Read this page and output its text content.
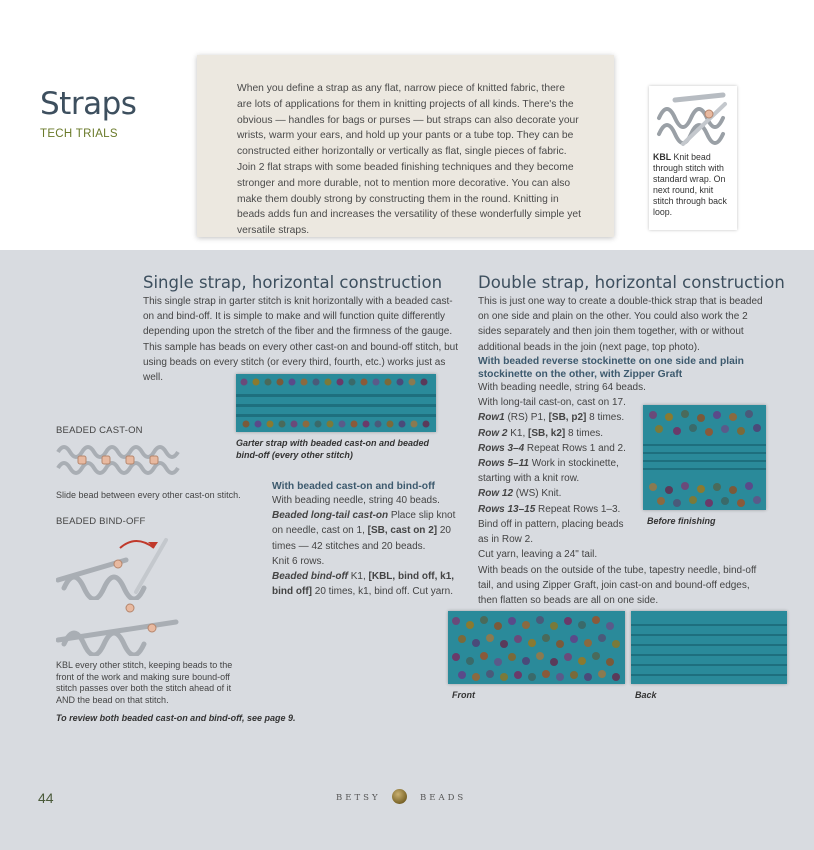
Straps
TECH TRIALS

When you define a strap as any flat, narrow piece of knitted fabric, there are lots of applications for them in knitting projects of all kinds. There's the obvious — handles for bags or purses — but straps can also decorate your wrists, warm your ears, and hold up your pants or a tube top. They can be constructed either horizontally or vertically as flat, single pieces of fabric. Join 2 flat straps with some beaded finishing techniques and they become stronger and more durable, not to mention more decorative. You can also make them doubly strong by constructing them in the round. Knitting in beads adds fun and increases the versatility of these wonderfully simple yet versatile straps.

KBL Knit bead through stitch with standard wrap. On next round, knit stitch through back loop.
Single strap, horizontal construction
This single strap in garter stitch is knit horizontally with a beaded cast-on and bind-off. It is simple to make and will function quite differently depending upon the stretch of the fiber and the firmness of the gauge. This sample has beads on every other cast-on and bound-off stitch, but using beads on every stitch (or every third, fourth, etc.) works just as well.
Garter strap with beaded cast-on and beaded bind-off (every other stitch)
With beaded cast-on and bind-off
With beading needle, string 40 beads.
Beaded long-tail cast-on Place slip knot on needle, cast on 1, [SB, cast on 2] 20 times — 42 stitches and 20 beads.
Knit 6 rows.
Beaded bind-off K1, [KBL, bind off, k1, bind off] 20 times, k1, bind off. Cut yarn.
BEADED CAST-ON
Slide bead between every other cast-on stitch.
BEADED BIND-OFF
KBL every other stitch, keeping beads to the front of the work and making sure bound-off stitch passes over both the stitch ahead of it AND the bead on that stitch.
To review both beaded cast-on and bind-off, see page 9.
Double strap, horizontal construction
This is just one way to create a double-thick strap that is beaded on one side and plain on the other. You could also work the 2 sides separately and then join them together, with or without additional beads in the join (next page, top photo).
With beaded reverse stockinette on one side and plain stockinette on the other, with Zipper Graft
With beading needle, string 64 beads.
With long-tail cast-on, cast on 17.
Row1 (RS) P1, [SB, p2] 8 times.
Row 2 K1, [SB, k2] 8 times.
Rows 3–4 Repeat Rows 1 and 2.
Rows 5–11 Work in stockinette,
starting with a knit row.
Row 12 (WS) Knit.
Rows 13–15 Repeat Rows 1–3.
Bind off in pattern, placing beads
as in Row 2.
Cut yarn, leaving a 24" tail.
With beads on the outside of the tube, tapestry needle, bind-off tail, and using Zipper Graft, join cast-on and bound-off edges, then flatten so beads are all on one side.
Before finishing
Front	Back
44	BETSY	BEADS
